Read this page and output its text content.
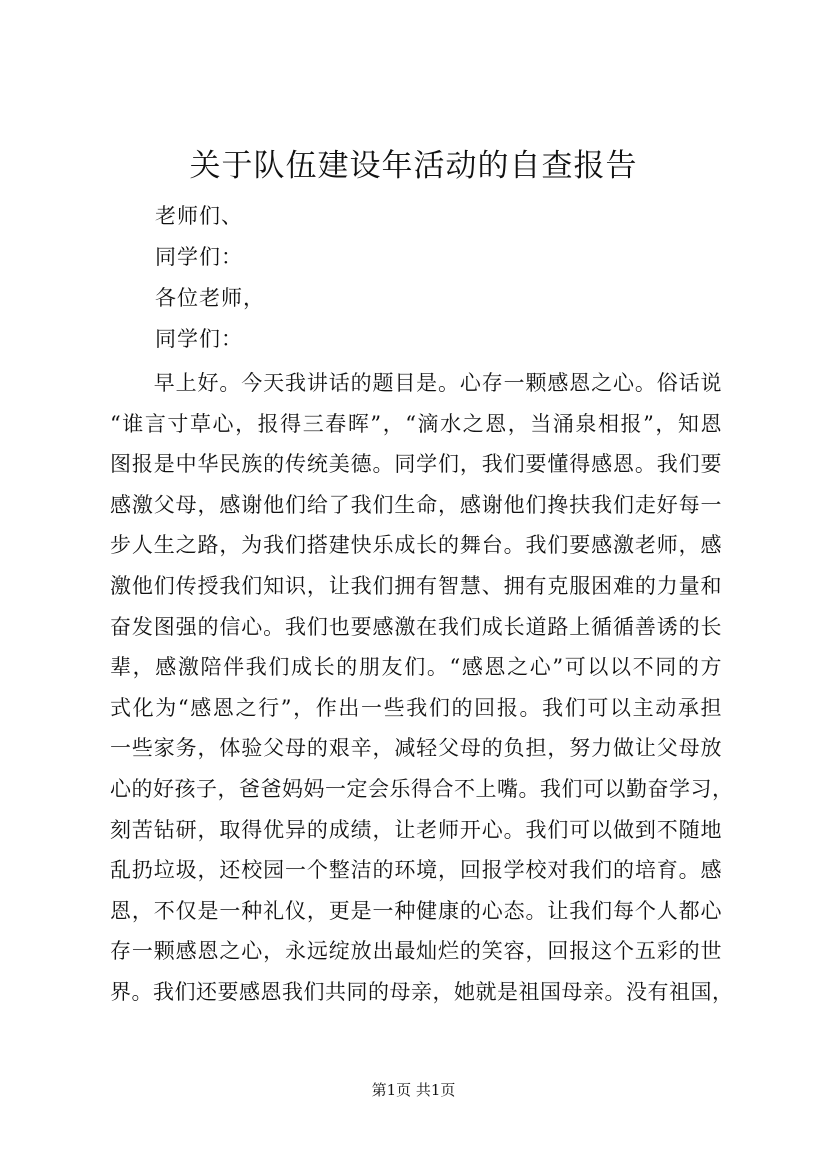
关于队伍建设年活动的自查报告
老师们、
同学们：
各位老师，
同学们：
　　早上好。今天我讲话的题目是。心存一颗感恩之心。俗话说
“谁言寸草心，报得三春晖”，“滴水之恩，当涌泉相报”，知恩
图报是中华民族的传统美德。同学们，我们要懂得感恩。我们要
感激父母，感谢他们给了我们生命，感谢他们搀扶我们走好每一
步人生之路，为我们搭建快乐成长的舞台。我们要感激老师，感
激他们传授我们知识，让我们拥有智慧、拥有克服困难的力量和
奋发图强的信心。我们也要感激在我们成长道路上循循善诱的长
辈，感激陪伴我们成长的朋友们。“感恩之心”可以以不同的方
式化为“感恩之行”，作出一些我们的回报。我们可以主动承担
一些家务，体验父母的艰辛，减轻父母的负担，努力做让父母放
心的好孩子，爸爸妈妈一定会乐得合不上嘴。我们可以勤奋学习，
刻苦钻研，取得优异的成绩，让老师开心。我们可以做到不随地
乱扔垃圾，还校园一个整洁的环境，回报学校对我们的培育。感
恩，不仅是一种礼仪，更是一种健康的心态。让我们每个人都心
存一颗感恩之心，永远绽放出最灿烂的笑容，回报这个五彩的世
界。我们还要感恩我们共同的母亲，她就是祖国母亲。没有祖国，
第1页 共1页
